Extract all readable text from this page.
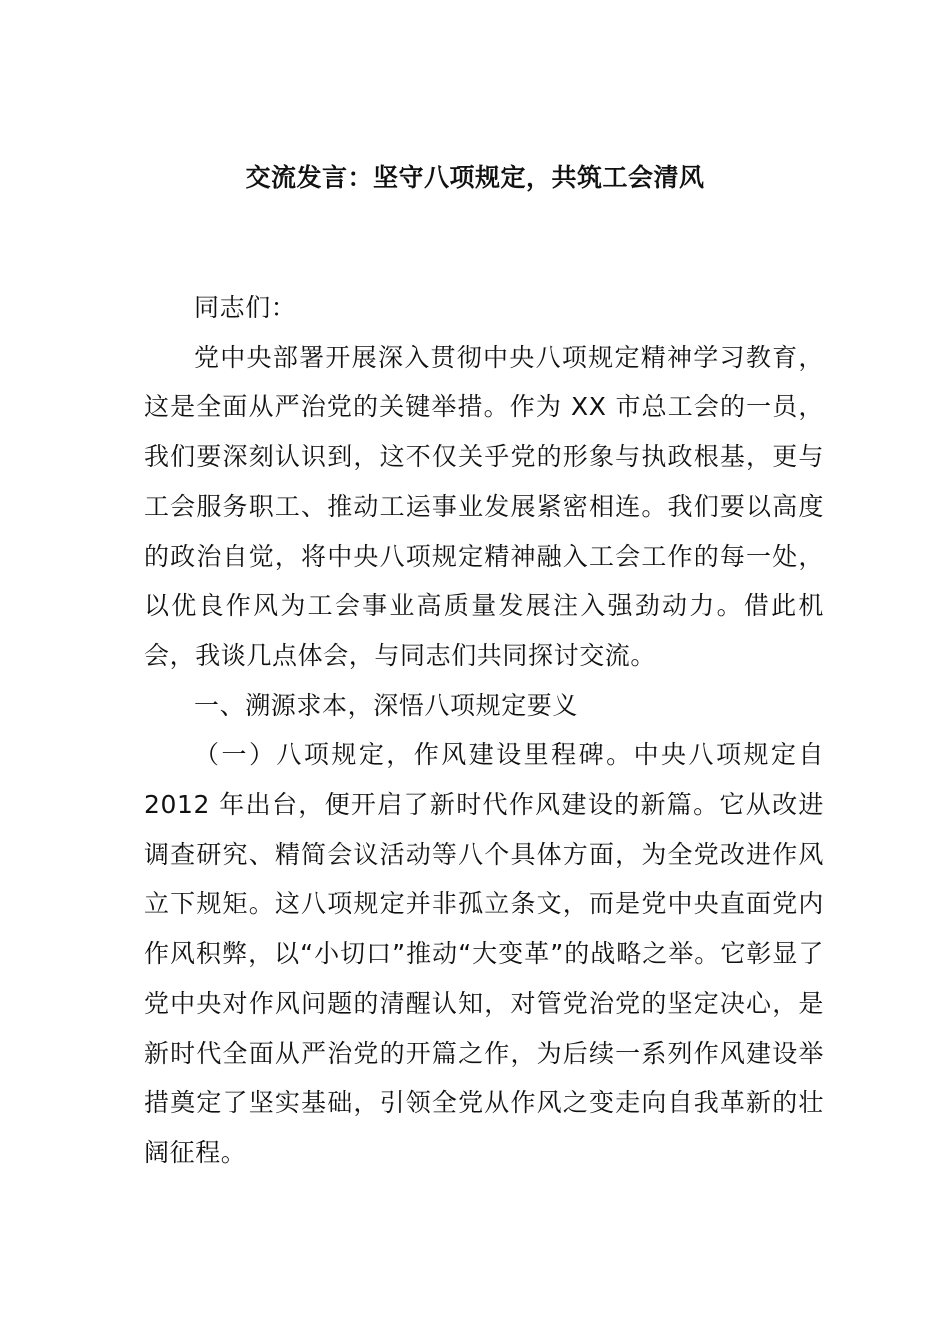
交流发言：坚守八项规定，共筑工会清风

同志们：

党中央部署开展深入贯彻中央八项规定精神学习教育，这是全面从严治党的关键举措。作为 XX 市总工会的一员，我们要深刻认识到，这不仅关乎党的形象与执政根基，更与工会服务职工、推动工运事业发展紧密相连。我们要以高度的政治自觉，将中央八项规定精神融入工会工作的每一处，以优良作风为工会事业高质量发展注入强劲动力。借此机会，我谈几点体会，与同志们共同探讨交流。

一、溯源求本，深悟八项规定要义

（一）八项规定，作风建设里程碑。中央八项规定自 2012 年出台，便开启了新时代作风建设的新篇。它从改进调查研究、精简会议活动等八个具体方面，为全党改进作风立下规矩。这八项规定并非孤立条文，而是党中央直面党内作风积弊，以“小切口”推动“大变革”的战略之举。它彰显了党中央对作风问题的清醒认知，对管党治党的坚定决心，是新时代全面从严治党的开篇之作，为后续一系列作风建设举措奠定了坚实基础，引领全党从作风之变走向自我革新的壮阔征程。
